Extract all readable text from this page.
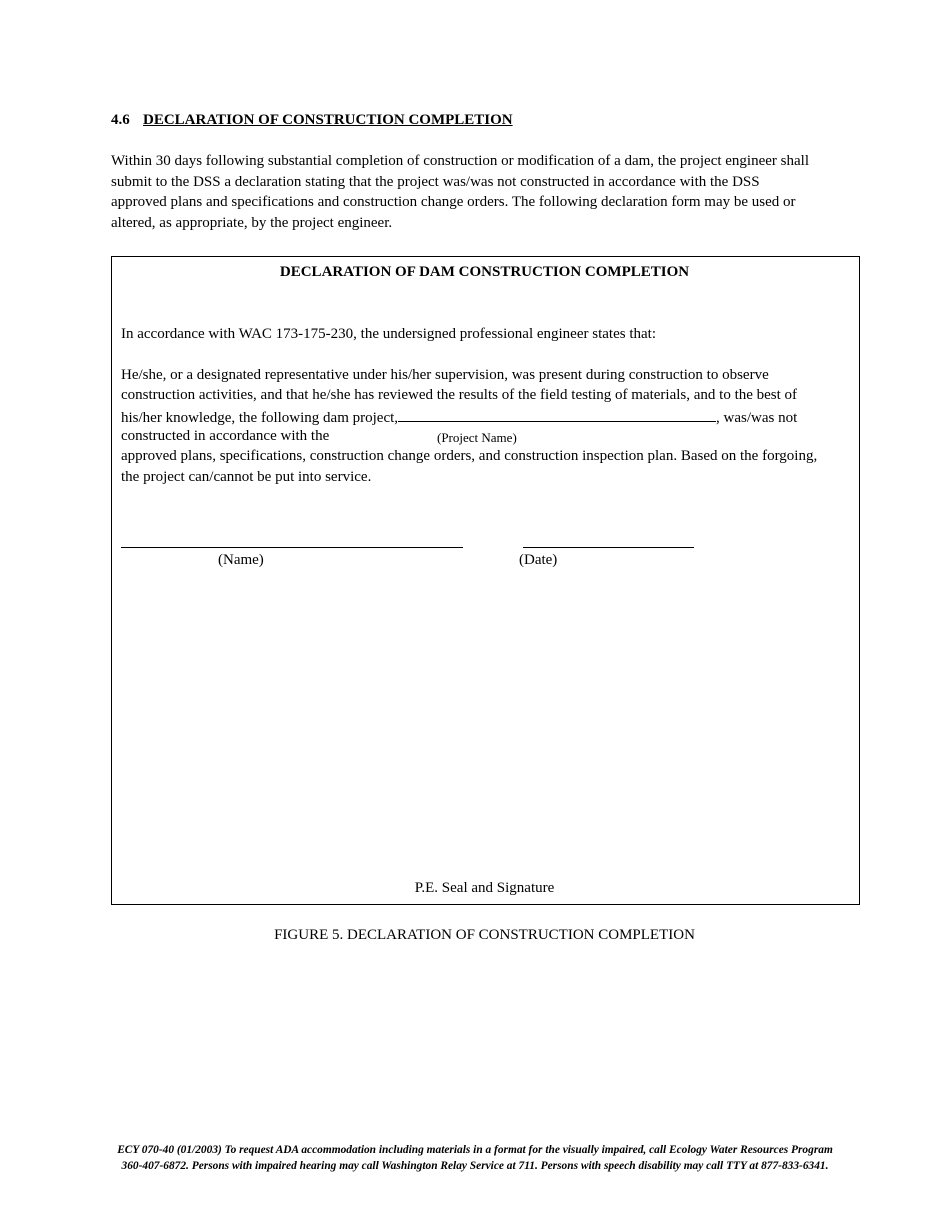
4.6 DECLARATION OF CONSTRUCTION COMPLETION
Within 30 days following substantial completion of construction or modification of a dam, the project engineer shall
submit to the DSS a declaration stating that the project was/was not constructed in accordance with the DSS
approved plans and specifications and construction change orders. The following declaration form may be used or
altered, as appropriate, by the project engineer.
DECLARATION OF DAM CONSTRUCTION COMPLETION
In accordance with WAC 173-175-230, the undersigned professional engineer states that:
He/she, or a designated representative under his/her supervision, was present during construction to observe
construction activities, and that he/she has reviewed the results of the field testing of materials, and to the best of
his/her knowledge, the following dam project,	, was/was not
constructed in accordance with the	(Project Name)
approved plans, specifications, construction change orders, and construction inspection plan. Based on the forgoing,
the project can/cannot be put into service.
(Name)	(Date)
P.E. Seal and Signature
FIGURE 5. DECLARATION OF CONSTRUCTION COMPLETION
ECY 070-40 (01/2003) To request ADA accommodation including materials in a format for the visually impaired, call Ecology Water Resources Program
360-407-6872. Persons with impaired hearing may call Washington Relay Service at 711. Persons with speech disability may call TTY at 877-833-6341.
